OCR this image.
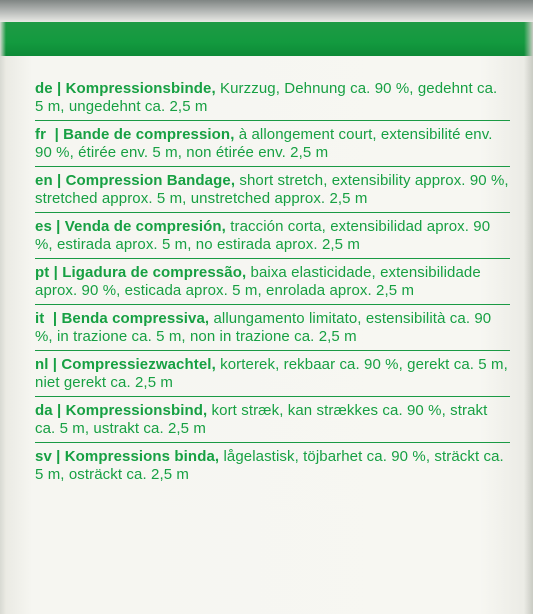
de | Kompressionsbinde, Kurzzug, Dehnung ca. 90 %, gedehnt ca. 5 m, ungedehnt ca. 2,5 m
fr  | Bande de compression, à allongement court, extensibilité env. 90 %, étirée env. 5 m, non étirée env. 2,5 m
en | Compression Bandage, short stretch, extensibility approx. 90 %, stretched approx. 5 m, unstretched approx. 2,5 m
es | Venda de compresión, tracción corta, extensibilidad aprox. 90 %, estirada aprox. 5 m, no estirada aprox. 2,5 m
pt | Ligadura de compressão, baixa elasticidade, extensibilidade aprox. 90 %, esticada aprox. 5 m, enrolada aprox. 2,5 m
it  | Benda compressiva, allungamento limitato, estensibilità ca. 90 %, in trazione ca. 5 m, non in trazione ca. 2,5 m
nl | Compressiezwachtel, korterek, rekbaar ca. 90 %, gerekt ca. 5 m, niet gerekt ca. 2,5 m
da | Kompressionsbind, kort stræk, kan strækkes ca. 90 %, strakt ca. 5 m, ustrakt ca. 2,5 m
sv | Kompressions binda, lågelastisk, töjbarhet ca. 90 %, sträckt ca. 5 m, osträckt ca. 2,5 m
